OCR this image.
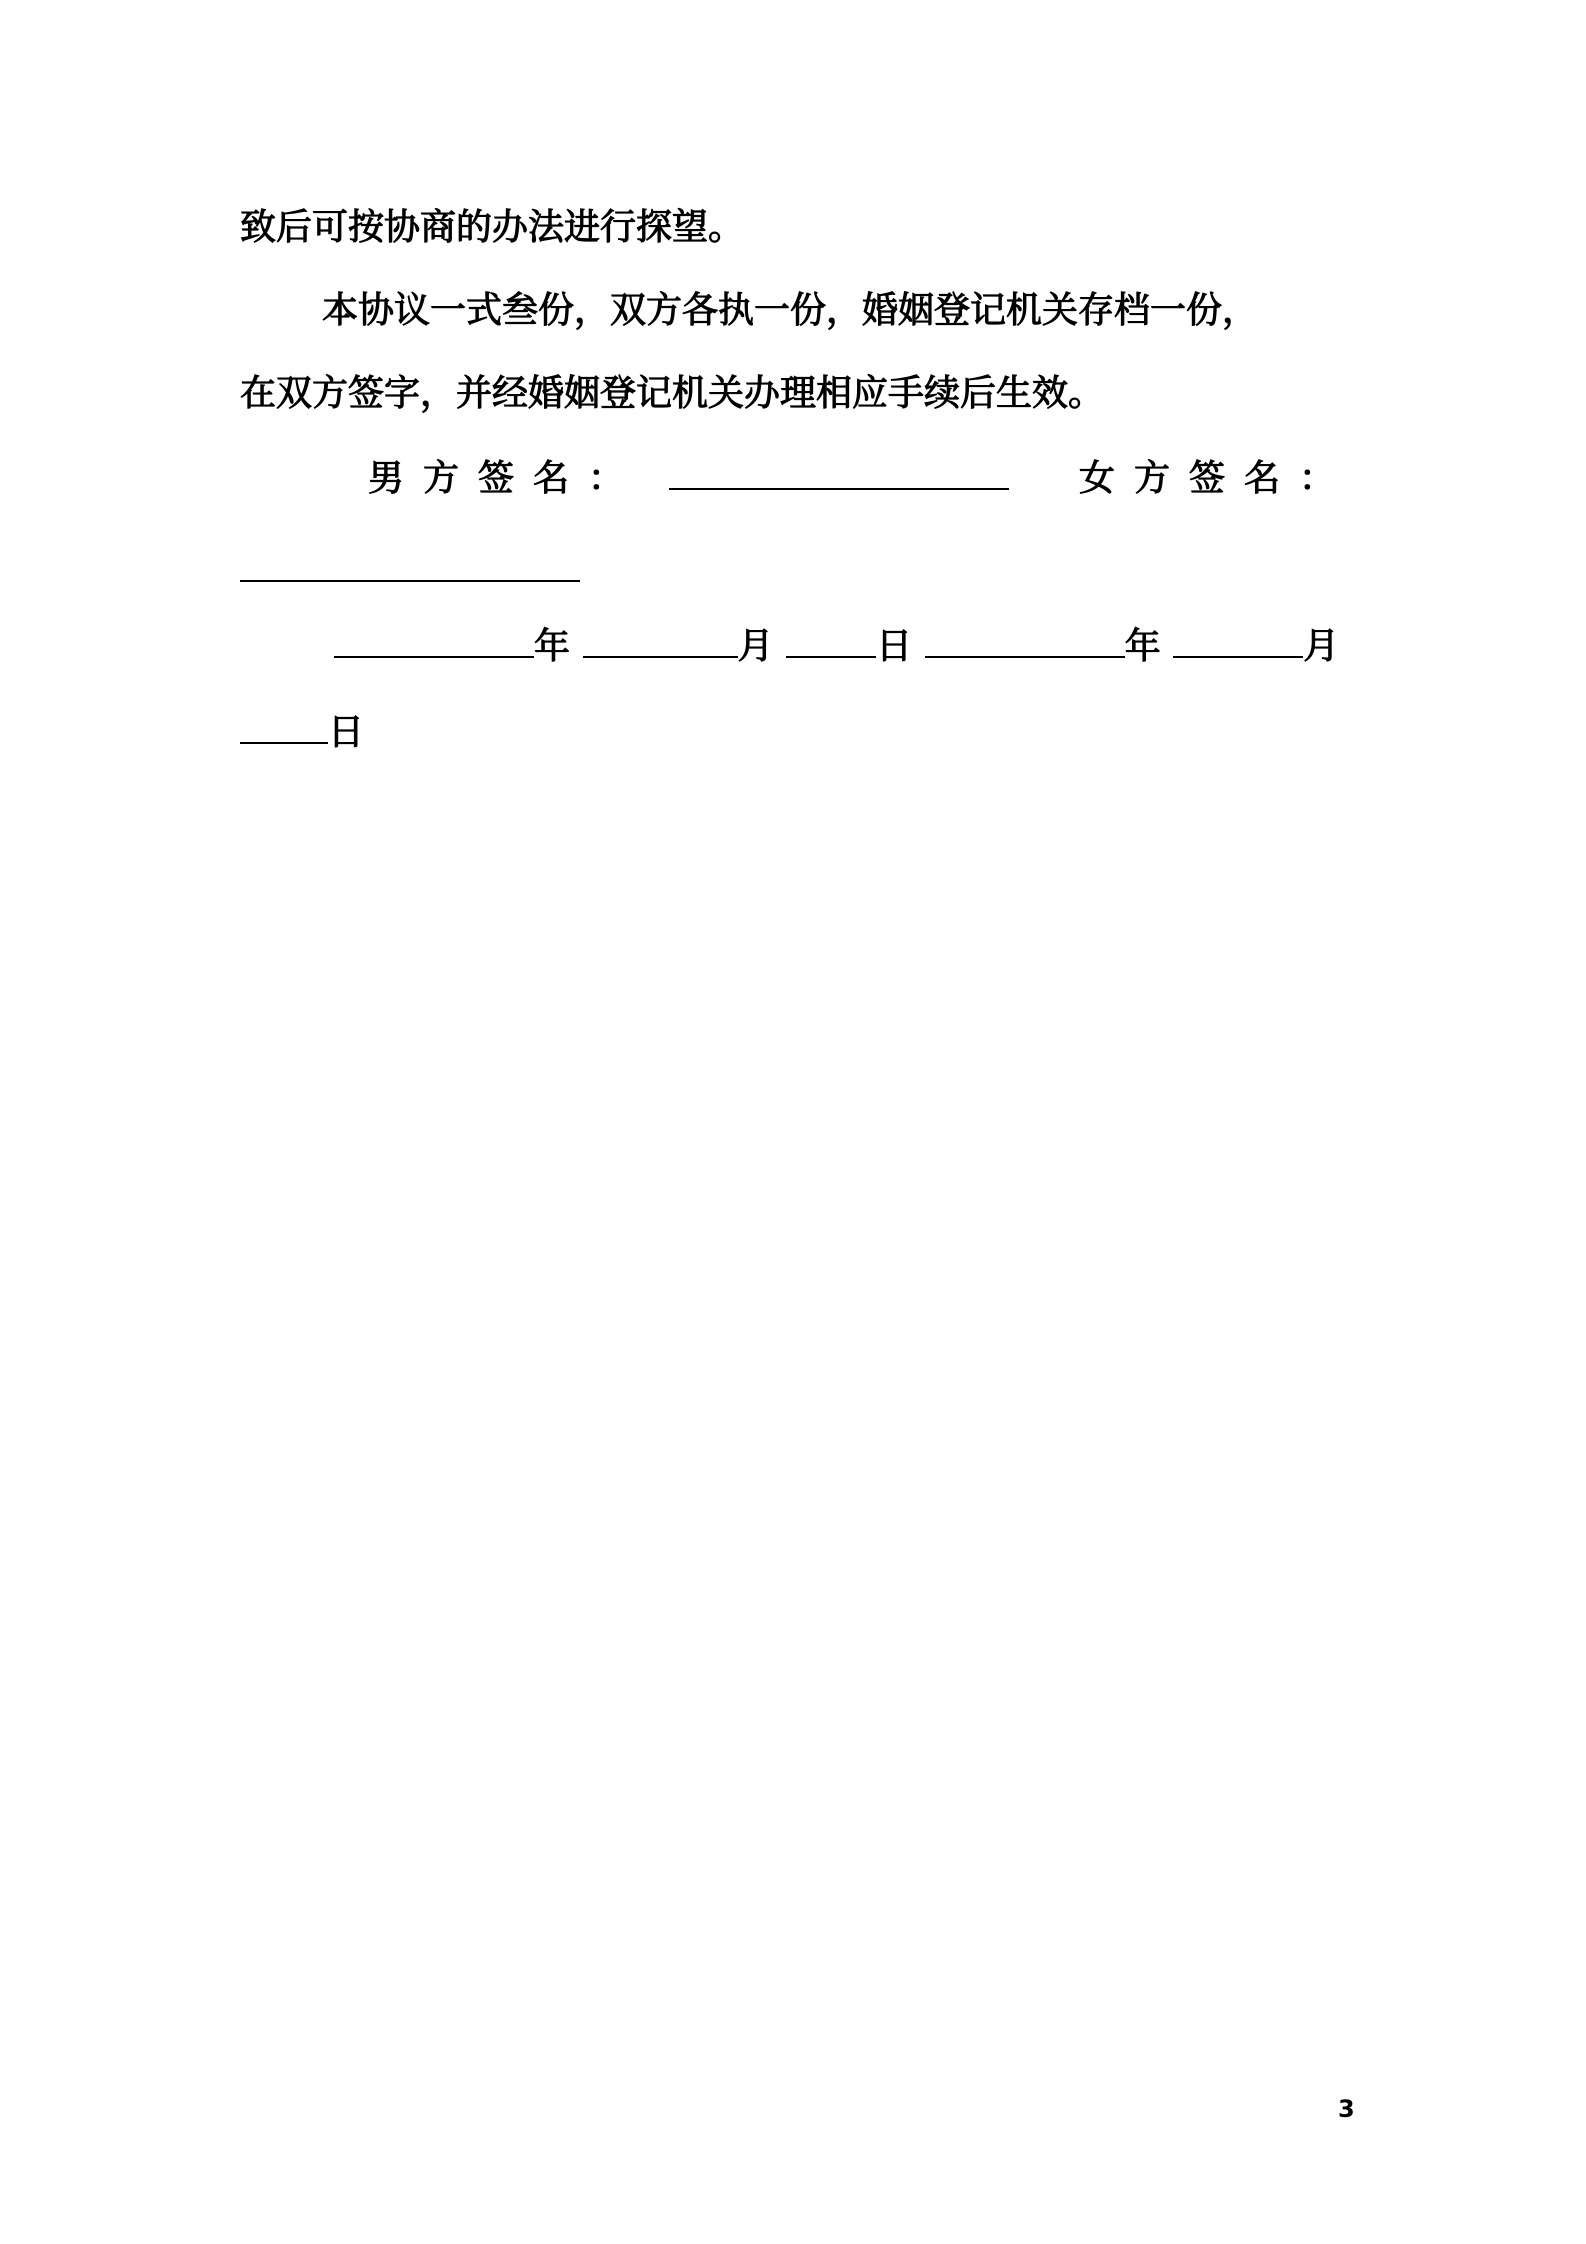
致后可按协商的办法进行探望。
本协议一式叁份，双方各执一份，婚姻登记机关存档一份，
在双方签字，并经婚姻登记机关办理相应手续后生效。
男方签名：	女方签名：
年	月	日	年	月
日
3
